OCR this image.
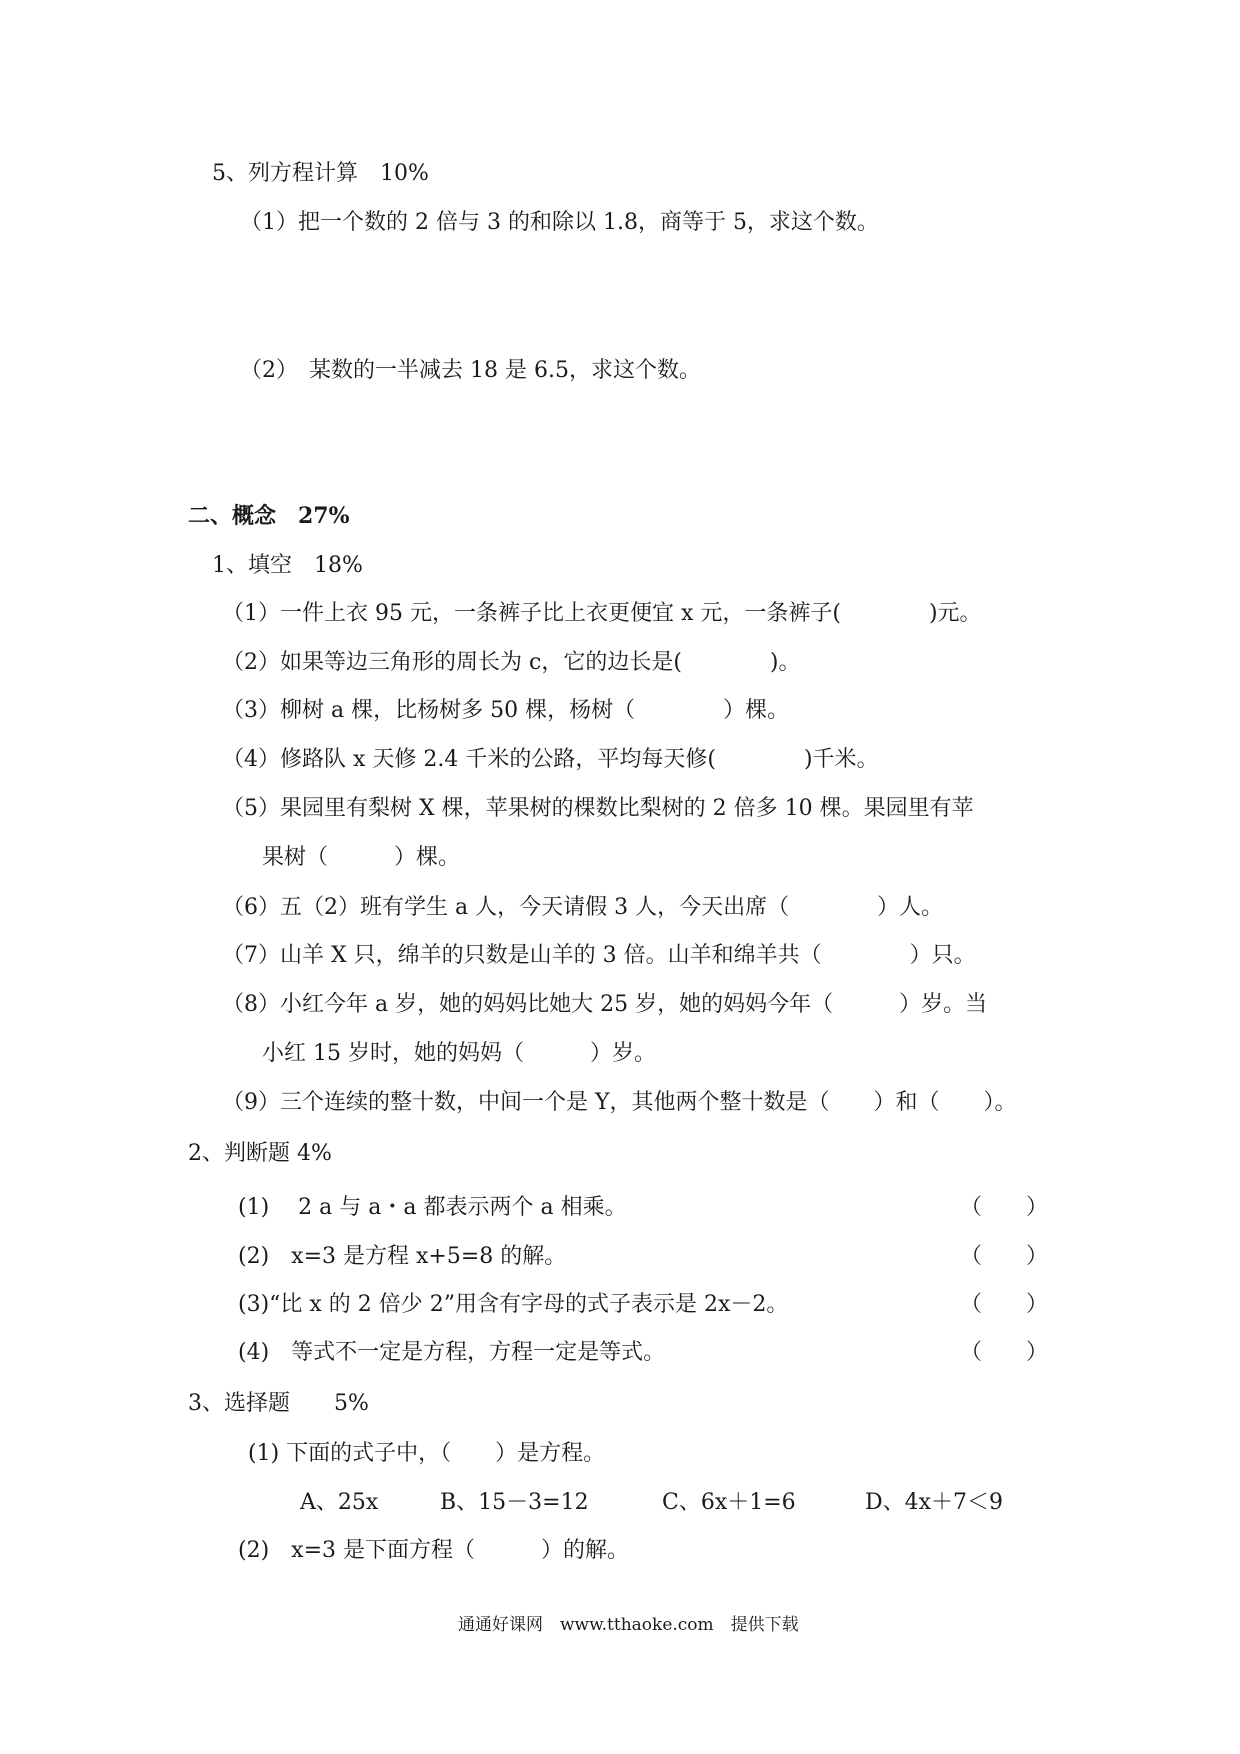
5、列方程计算　10%
（1）把一个数的 2 倍与 3 的和除以 1.8，商等于 5，求这个数。
（2）　某数的一半减去 18 是 6.5，求这个数。
二、概念　27%
1、填空　18%
（1）一件上衣 95 元，一条裤子比上衣更便宜 x 元，一条裤子(　　　　)元。
（2）如果等边三角形的周长为 c，它的边长是(　　　　)。
（3）柳树 a 棵，比杨树多 50 棵，杨树（　　　　）棵。
（4）修路队 x 天修 2.4 千米的公路，平均每天修(　　　　)千米。
（5）果园里有梨树 X 棵，苹果树的棵数比梨树的 2 倍多 10 棵。果园里有苹
果树（　　　）棵。
（6）五（2）班有学生 a 人，今天请假 3 人，今天出席（　　　　）人。
（7）山羊 X 只，绵羊的只数是山羊的 3 倍。山羊和绵羊共（　　　　）只。
（8）小红今年 a 岁，她的妈妈比她大 25 岁，她的妈妈今年（　　　）岁。当
小红 15 岁时，她的妈妈（　　　）岁。
（9）三个连续的整十数，中间一个是 Y，其他两个整十数是（　　）和（　　）。
2、判断题 4%
(1)　 2 a 与 a・a 都表示两个 a 相乘。	（　　）
(2)　x=3 是方程 x+5=8 的解。	（　　）
(3)“比 x 的 2 倍少 2”用含有字母的式子表示是 2x－2。	（　　）
(4)　等式不一定是方程，方程一定是等式。	（　　）
3、选择题　　5%
(1) 下面的式子中，（　　）是方程。
A、25x	B、15－3=12	C、6x＋1=6	D、4x＋7＜9
(2)　x=3 是下面方程（　　　）的解。
通通好课网　www.tthaoke.com　提供下载
